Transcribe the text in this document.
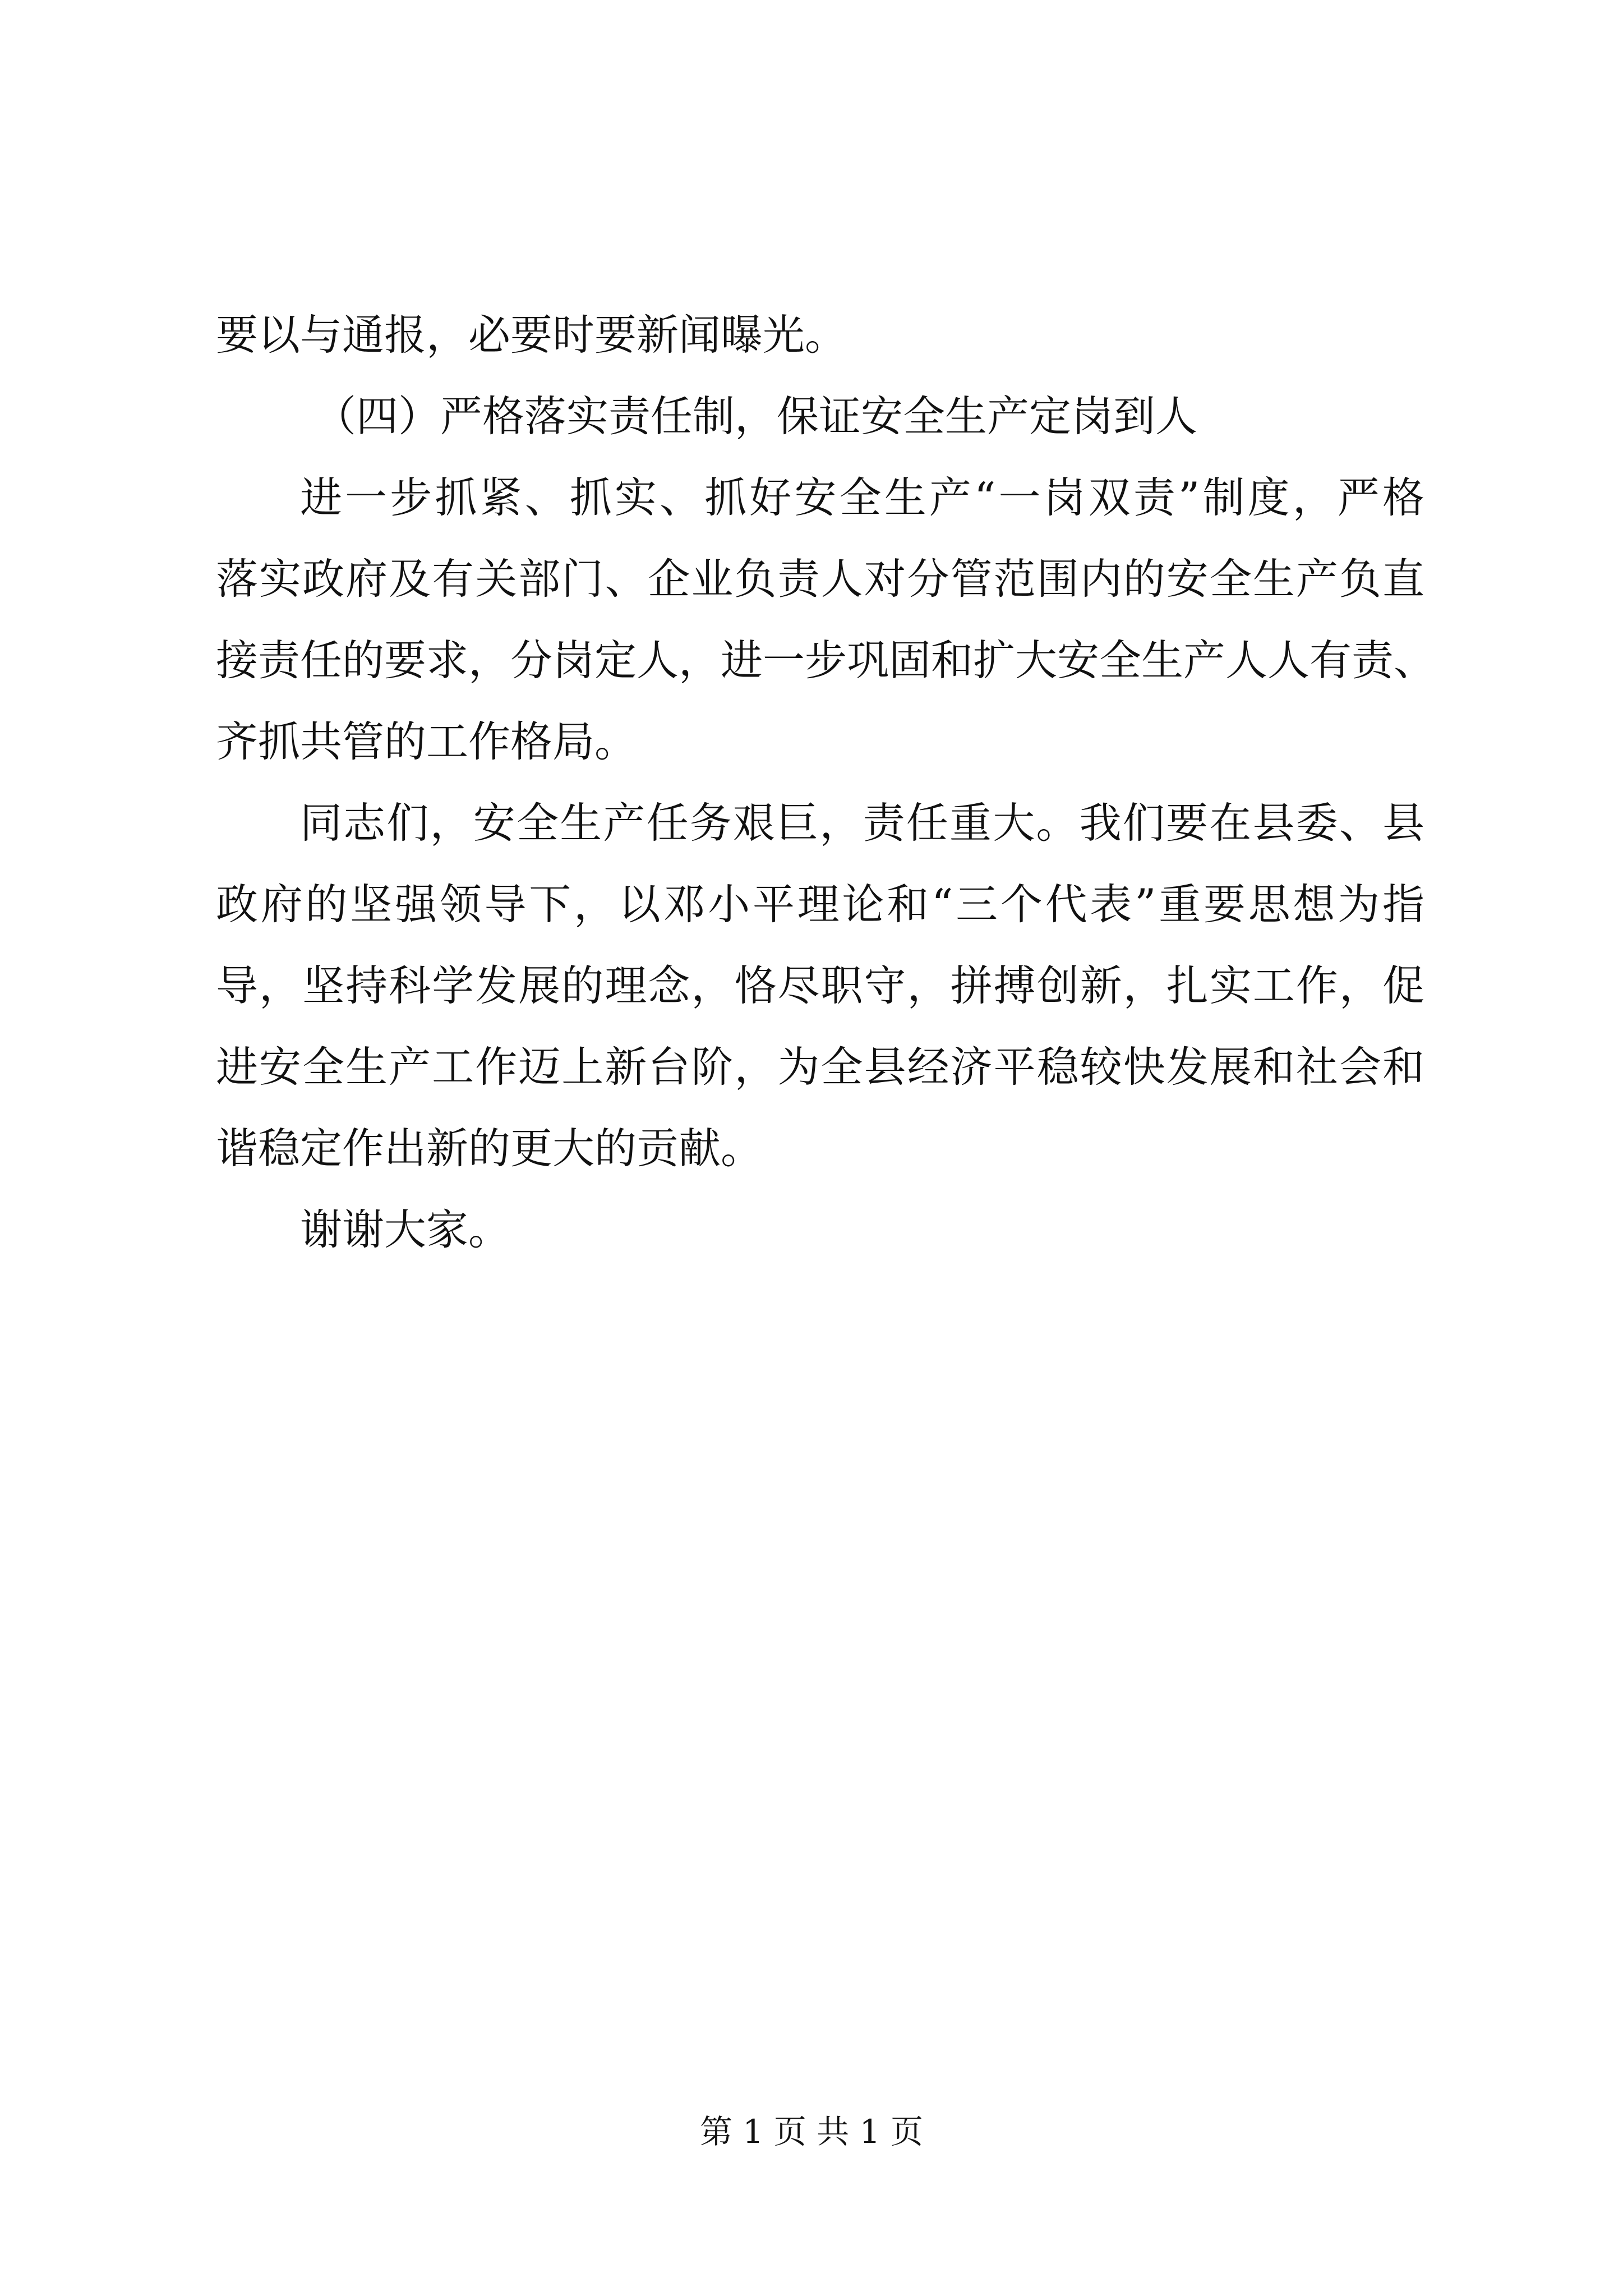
要以与通报，必要时要新闻曝光。
（四）严格落实责任制，保证安全生产定岗到人
进一步抓紧、抓实、抓好安全生产“一岗双责”制度，严格
落实政府及有关部门、企业负责人对分管范围内的安全生产负直
接责任的要求，分岗定人，进一步巩固和扩大安全生产人人有责、
齐抓共管的工作格局。
同志们，安全生产任务艰巨，责任重大。我们要在县委、县
政府的坚强领导下，以邓小平理论和“三个代表”重要思想为指
导，坚持科学发展的理念，恪尽职守，拼搏创新，扎实工作，促
进安全生产工作迈上新台阶，为全县经济平稳较快发展和社会和
谐稳定作出新的更大的贡献。
谢谢大家。
第 1 页 共 1 页
